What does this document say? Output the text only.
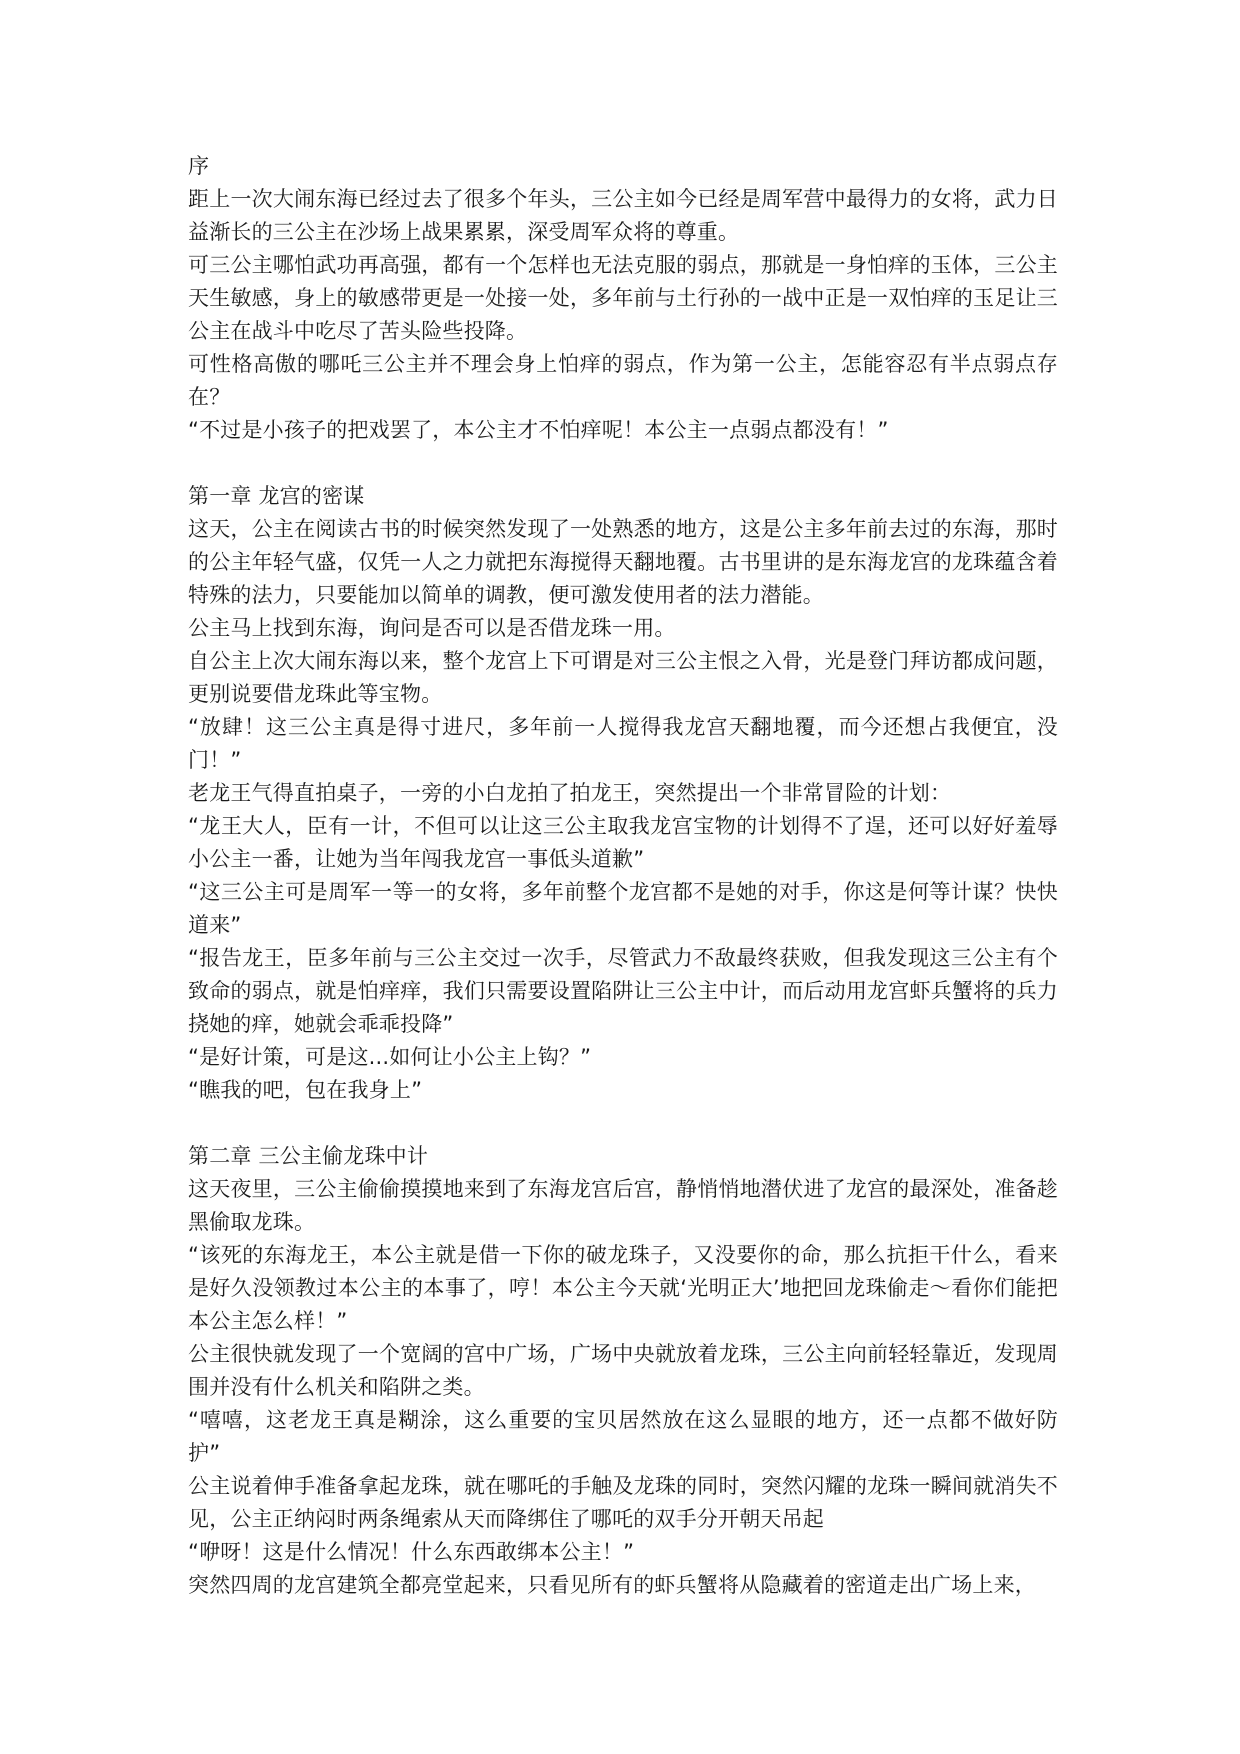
序

距上一次大闹东海已经过去了很多个年头，三公主如今已经是周军营中最得力的女将，武力日益渐长的三公主在沙场上战果累累，深受周军众将的尊重。

可三公主哪怕武功再高强，都有一个怎样也无法克服的弱点，那就是一身怕痒的玉体，三公主天生敏感，身上的敏感带更是一处接一处，多年前与土行孙的一战中正是一双怕痒的玉足让三公主在战斗中吃尽了苦头险些投降。

可性格高傲的哪吒三公主并不理会身上怕痒的弱点，作为第一公主，怎能容忍有半点弱点存在？

“不过是小孩子的把戏罢了，本公主才不怕痒呢！本公主一点弱点都没有！”

第一章 龙宫的密谋

这天，公主在阅读古书的时候突然发现了一处熟悉的地方，这是公主多年前去过的东海，那时的公主年轻气盛，仅凭一人之力就把东海搅得天翻地覆。古书里讲的是东海龙宫的龙珠蕴含着特殊的法力，只要能加以简单的调教，便可激发使用者的法力潜能。

公主马上找到东海，询问是否可以是否借龙珠一用。

自公主上次大闹东海以来，整个龙宫上下可谓是对三公主恨之入骨，光是登门拜访都成问题，更别说要借龙珠此等宝物。

“放肆！这三公主真是得寸进尺，多年前一人搅得我龙宫天翻地覆，而今还想占我便宜，没门！”

老龙王气得直拍桌子，一旁的小白龙拍了拍龙王，突然提出一个非常冒险的计划：

“龙王大人，臣有一计，不但可以让这三公主取我龙宫宝物的计划得不了逞，还可以好好羞辱小公主一番，让她为当年闯我龙宫一事低头道歉”

“这三公主可是周军一等一的女将，多年前整个龙宫都不是她的对手，你这是何等计谋？快快道来”

“报告龙王，臣多年前与三公主交过一次手，尽管武力不敌最终获败，但我发现这三公主有个致命的弱点，就是怕痒痒，我们只需要设置陷阱让三公主中计，而后动用龙宫虾兵蟹将的兵力挠她的痒，她就会乖乖投降”

“是好计策，可是这...如何让小公主上钩？”

“瞧我的吧，包在我身上”

第二章 三公主偷龙珠中计

这天夜里，三公主偷偷摸摸地来到了东海龙宫后宫，静悄悄地潜伏进了龙宫的最深处，准备趁黑偷取龙珠。

“该死的东海龙王，本公主就是借一下你的破龙珠子，又没要你的命，那么抗拒干什么，看来是好久没领教过本公主的本事了，哼！本公主今天就‘光明正大’地把回龙珠偷走～看你们能把本公主怎么样！”

公主很快就发现了一个宽阔的宫中广场，广场中央就放着龙珠，三公主向前轻轻靠近，发现周围并没有什么机关和陷阱之类。

“嘻嘻，这老龙王真是糊涂，这么重要的宝贝居然放在这么显眼的地方，还一点都不做好防护”

公主说着伸手准备拿起龙珠，就在哪吒的手触及龙珠的同时，突然闪耀的龙珠一瞬间就消失不见，公主正纳闷时两条绳索从天而降绑住了哪吒的双手分开朝天吊起

“咿呀！这是什么情况！什么东西敢绑本公主！”

突然四周的龙宫建筑全都亮堂起来，只看见所有的虾兵蟹将从隐藏着的密道走出广场上来，
